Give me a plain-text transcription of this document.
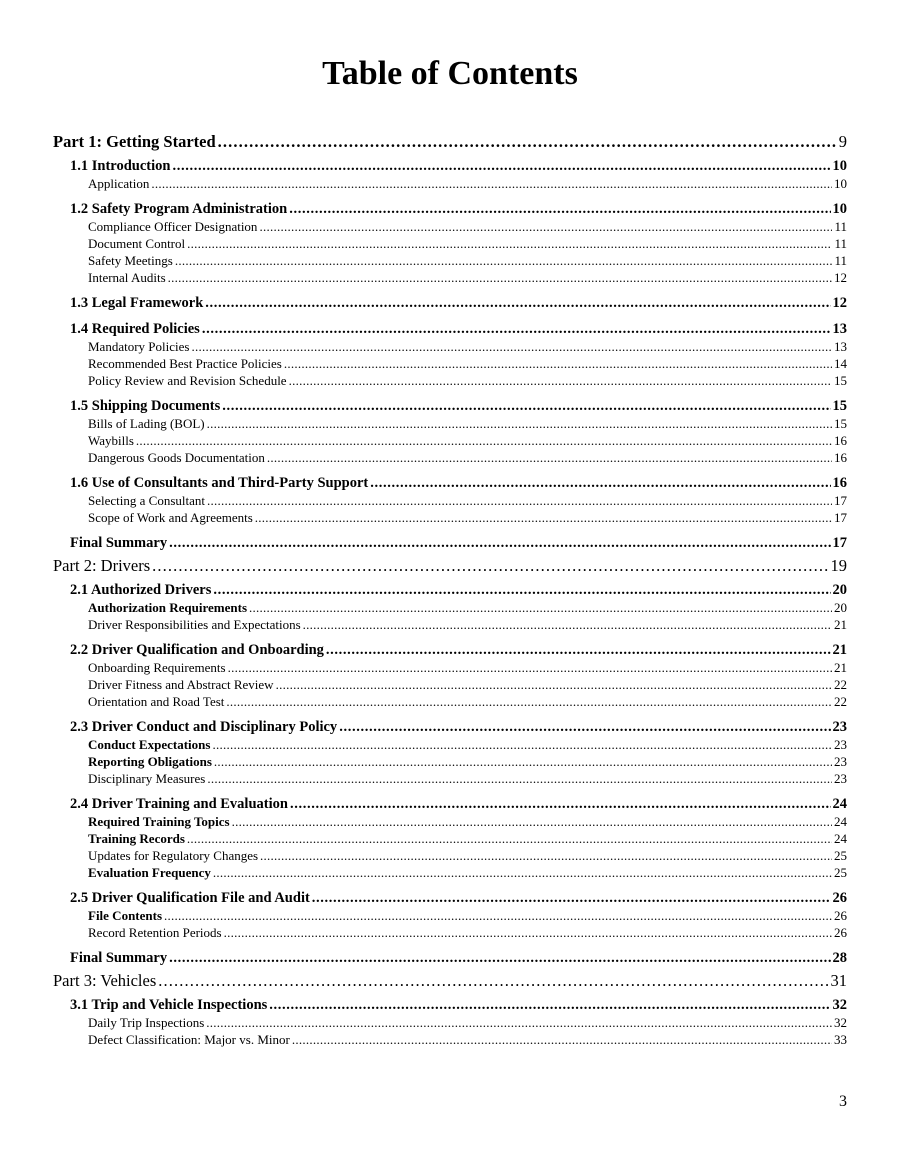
Table of Contents
Part 1: Getting Started . . .	9
1.1 Introduction . . .	10
Application . . .	10
1.2 Safety Program Administration . . .	10
Compliance Officer Designation . . .	11
Document Control . . .	11
Safety Meetings . . .	11
Internal Audits . . .	12
1.3 Legal Framework . . .	12
1.4 Required Policies . . .	13
Mandatory Policies . . .	13
Recommended Best Practice Policies . . .	14
Policy Review and Revision Schedule . . .	15
1.5 Shipping Documents . . .	15
Bills of Lading (BOL) . . .	15
Waybills . . .	16
Dangerous Goods Documentation . . .	16
1.6 Use of Consultants and Third-Party Support . . .	16
Selecting a Consultant . . .	17
Scope of Work and Agreements . . .	17
Final Summary . . .	17
Part 2: Drivers . . .	19
2.1 Authorized Drivers . . .	20
Authorization Requirements . . .	20
Driver Responsibilities and Expectations . . .	21
2.2 Driver Qualification and Onboarding . . .	21
Onboarding Requirements . . .	21
Driver Fitness and Abstract Review . . .	22
Orientation and Road Test . . .	22
2.3 Driver Conduct and Disciplinary Policy . . .	23
Conduct Expectations . . .	23
Reporting Obligations . . .	23
Disciplinary Measures . . .	23
2.4 Driver Training and Evaluation . . .	24
Required Training Topics . . .	24
Training Records . . .	24
Updates for Regulatory Changes . . .	25
Evaluation Frequency . . .	25
2.5 Driver Qualification File and Audit . . .	26
File Contents . . .	26
Record Retention Periods . . .	26
Final Summary . . .	28
Part 3: Vehicles . . .	31
3.1 Trip and Vehicle Inspections . . .	32
Daily Trip Inspections . . .	32
Defect Classification: Major vs. Minor . . .	33
3
